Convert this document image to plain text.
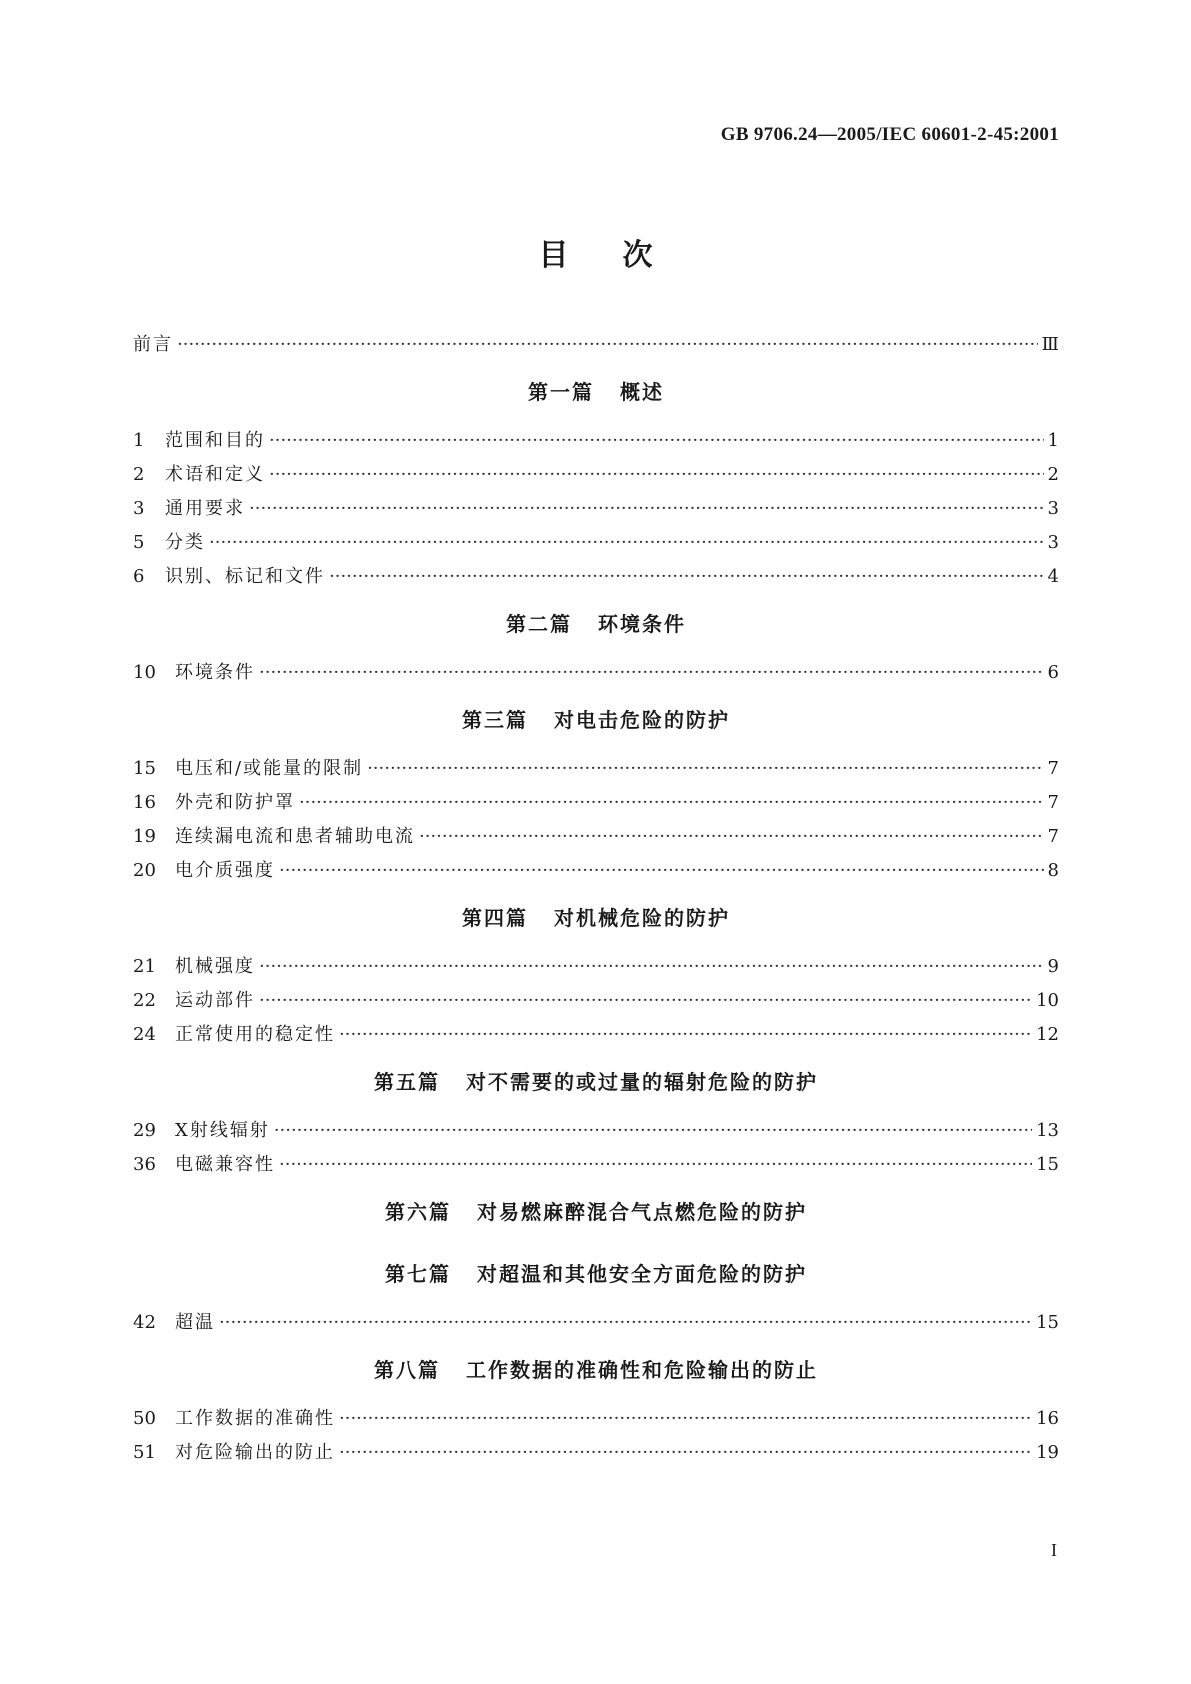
GB 9706.24—2005/IEC 60601-2-45:2001
目次
前言 ·····	Ⅲ
第一篇 概述
1	范围和目的 ·····	1
2	术语和定义 ·····	2
3	通用要求 ·····	3
5	分类 ·····	3
6	识别、标记和文件 ·····	4
第二篇 环境条件
10	环境条件 ·····	6
第三篇 对电击危险的防护
15	电压和/或能量的限制 ·····	7
16	外壳和防护罩 ·····	7
19	连续漏电流和患者辅助电流 ·····	7
20	电介质强度 ·····	8
第四篇 对机械危险的防护
21	机械强度 ·····	9
22	运动部件 ·····	10
24	正常使用的稳定性 ·····	12
第五篇 对不需要的或过量的辐射危险的防护
29	X射线辐射 ·····	13
36	电磁兼容性 ·····	15
第六篇 对易燃麻醉混合气点燃危险的防护
第七篇 对超温和其他安全方面危险的防护
42	超温 ·····	15
第八篇 工作数据的准确性和危险输出的防止
50	工作数据的准确性 ·····	16
51	对危险输出的防止 ·····	19
I
